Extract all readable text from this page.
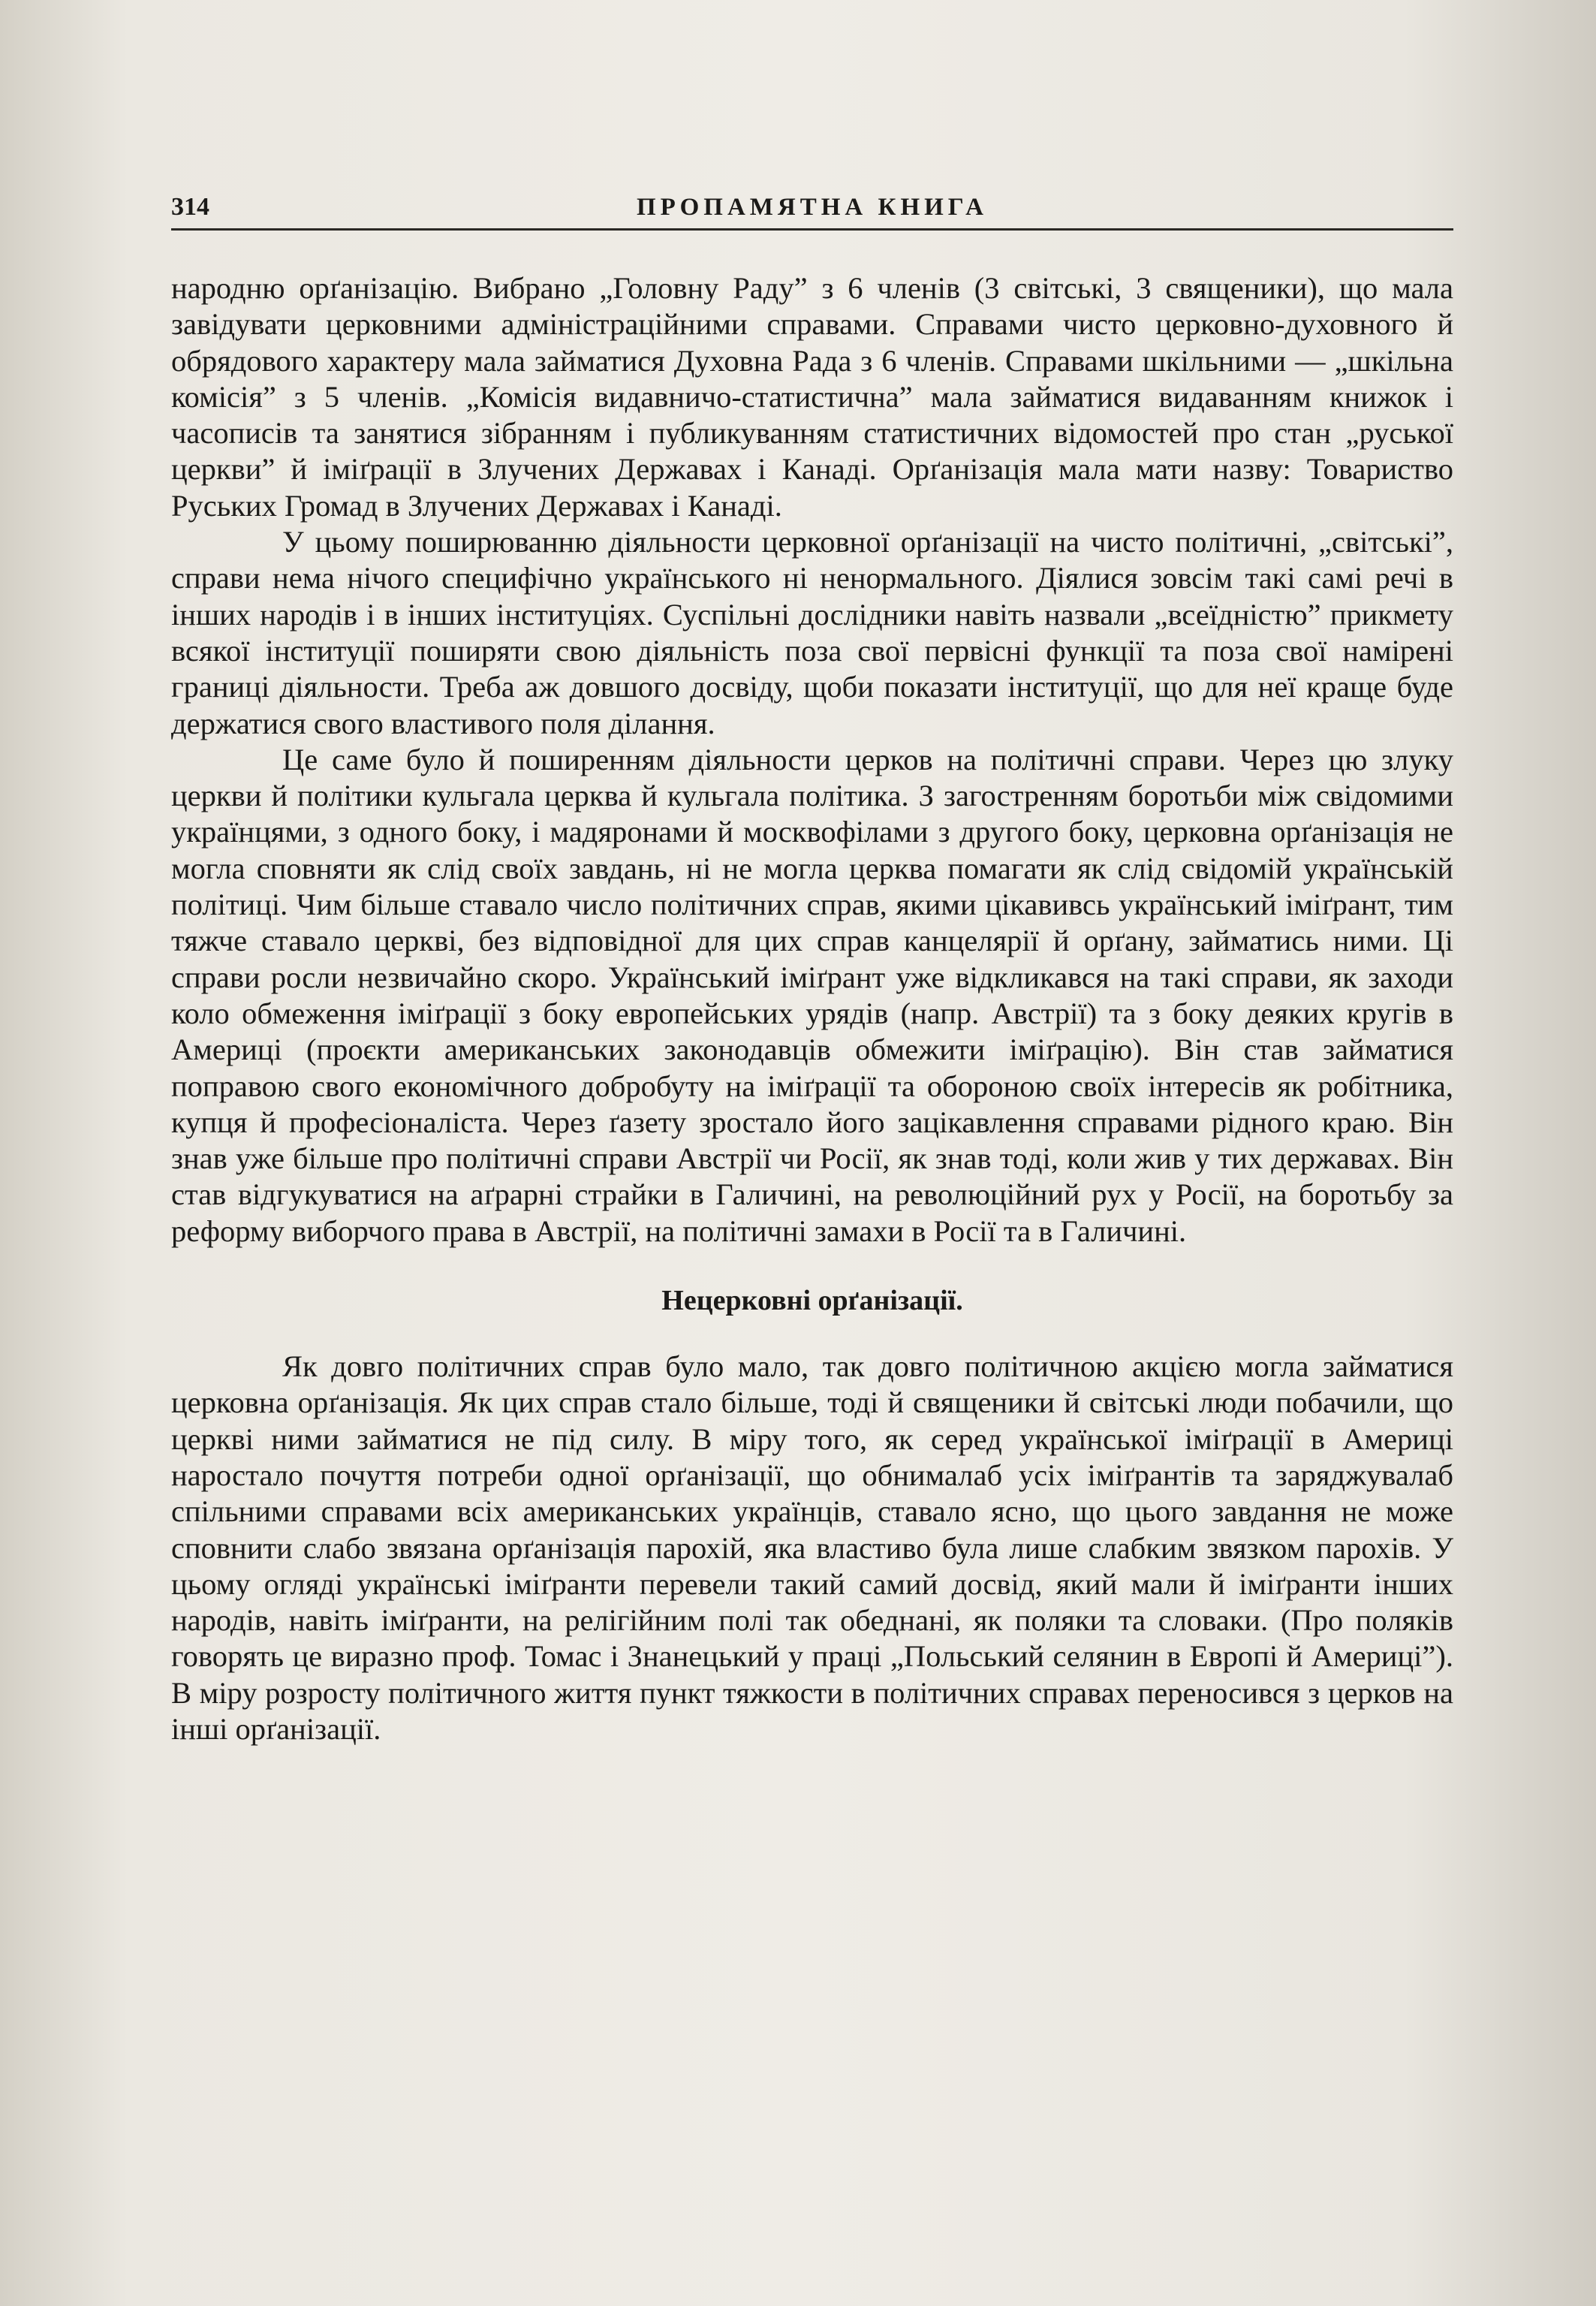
314	ПРОПАМЯТНА КНИГА

народню орґанізацію. Вибрано „Головну Раду” з 6 членів (3 світські, 3 священики), що мала завідувати церковними адміністраційними справами. Справами чисто церковно-духовного й обрядового характеру мала займатися Духовна Рада з 6 членів. Справами шкільними — „шкільна комісія” з 5 членів. „Комісія видавничо-статистична” мала займатися видаванням книжок і часописів та занятися зібранням і публикуванням статистичних відомостей про стан „руської церкви” й іміґрації в Злучених Державах і Канаді. Орґанізація мала мати назву: Товариство Руських Громад в Злучених Державах і Канаді.

У цьому поширюванню діяльности церковної орґанізації на чисто політичні, „світські”, справи нема нічого специфічно українського ні ненормального. Діялися зовсім такі самі речі в інших народів і в інших інституціях. Суспільні дослідники навіть назвали „всеїдністю” прикмету всякої інституції поширяти свою діяльність поза свої первісні функції та поза свої намірені границі діяльности. Треба аж довшого досвіду, щоби показати інституції, що для неї краще буде держатися свого властивого поля ділання.

Це саме було й поширенням діяльности церков на політичні справи. Через цю злуку церкви й політики кульгала церква й кульгала політика. З загостренням боротьби між свідомими українцями, з одного боку, і мадяронами й москвофілами з другого боку, церковна орґанізація не могла сповняти як слід своїх завдань, ні не могла церква помагати як слід свідомій українській політиці. Чим більше ставало число політичних справ, якими цікавивсь український іміґрант, тим тяжче ставало церкві, без відповідної для цих справ канцелярії й орґану, займатись ними. Ці справи росли незвичайно скоро. Український іміґрант уже відкликався на такі справи, як заходи коло обмеження іміґрації з боку европейських урядів (напр. Австрії) та з боку деяких кругів в Америці (проєкти американських законодавців обмежити іміґрацію). Він став займатися поправою свого економічного добробуту на іміґрації та обороною своїх інтересів як робітника, купця й професіоналіста. Через ґазету зростало його зацікавлення справами рідного краю. Він знав уже більше про політичні справи Австрії чи Росії, як знав тоді, коли жив у тих державах. Він став відгукуватися на аґрарні страйки в Галичині, на революційний рух у Росії, на боротьбу за реформу виборчого права в Австрії, на політичні замахи в Росії та в Галичині.

Нецерковні орґанізації.

Як довго політичних справ було мало, так довго політичною акцією могла займатися церковна орґанізація. Як цих справ стало більше, тоді й священики й світські люди побачили, що церкві ними займатися не під силу. В міру того, як серед української іміґрації в Америці наростало почуття потреби одної орґанізації, що обнималаб усіх іміґрантів та заряджувалаб спільними справами всіх американських українців, ставало ясно, що цього завдання не може сповнити слабо звязана орґанізація парохій, яка властиво була лише слабким звязком парохів. У цьому огляді українські іміґранти перевели такий самий досвід, який мали й іміґранти інших народів, навіть іміґранти, на релігійним полі так обеднані, як поляки та словаки. (Про поляків говорять це виразно проф. Томас і Знанецький у праці „Польський селянин в Европі й Америці”). В міру розросту політичного життя пункт тяжкости в політичних справах переносився з церков на інші орґанізації.
